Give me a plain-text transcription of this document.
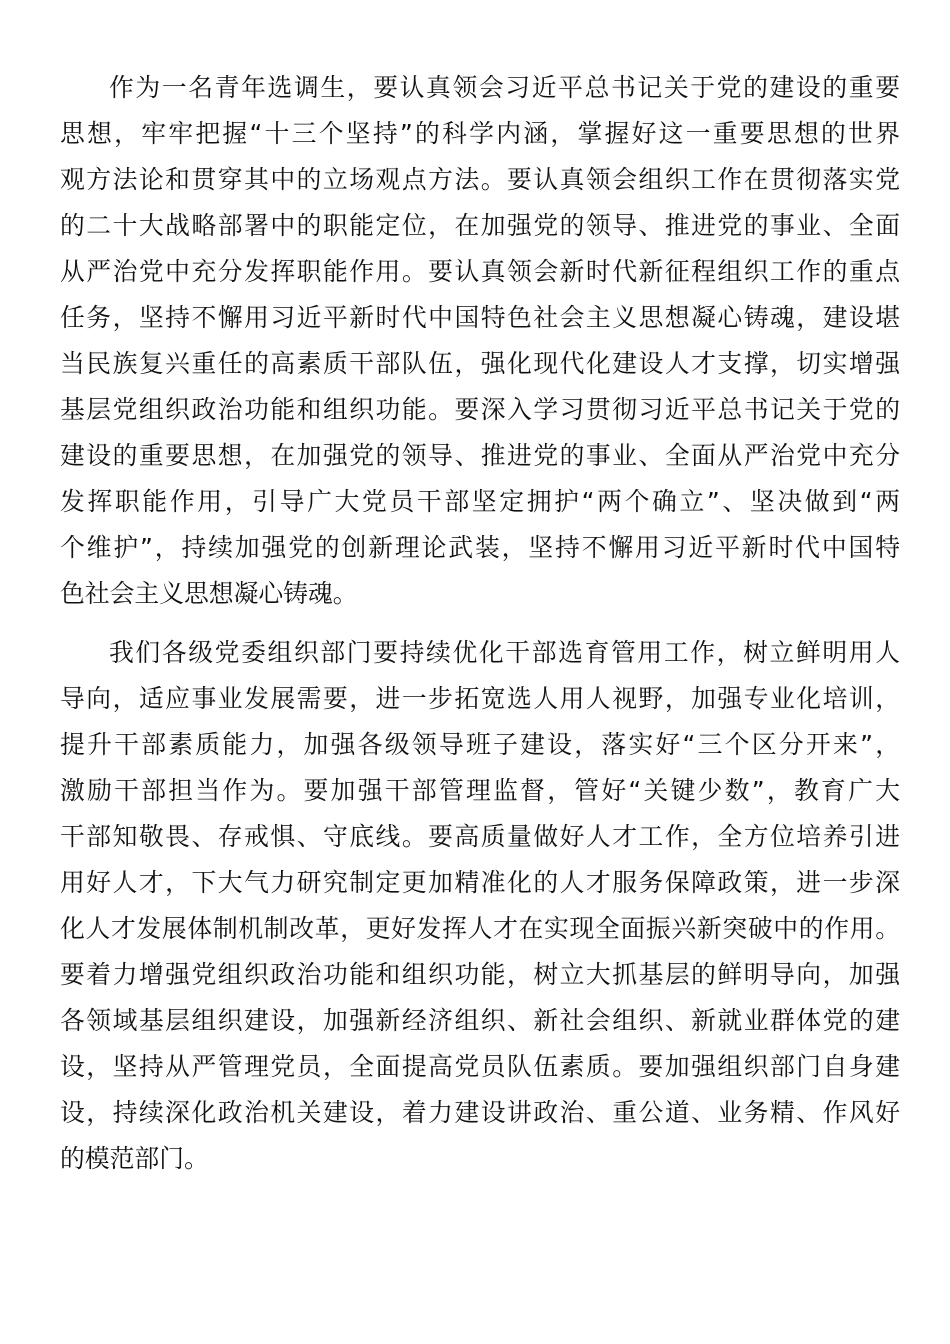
作为一名青年选调生，要认真领会习近平总书记关于党的建设的重要

思想，牢牢把握“十三个坚持”的科学内涵，掌握好这一重要思想的世界

观方法论和贯穿其中的立场观点方法。要认真领会组织工作在贯彻落实党

的二十大战略部署中的职能定位，在加强党的领导、推进党的事业、全面

从严治党中充分发挥职能作用。要认真领会新时代新征程组织工作的重点

任务，坚持不懈用习近平新时代中国特色社会主义思想凝心铸魂，建设堪

当民族复兴重任的高素质干部队伍，强化现代化建设人才支撑，切实增强

基层党组织政治功能和组织功能。要深入学习贯彻习近平总书记关于党的

建设的重要思想，在加强党的领导、推进党的事业、全面从严治党中充分

发挥职能作用，引导广大党员干部坚定拥护“两个确立”、坚决做到“两

个维护”，持续加强党的创新理论武装，坚持不懈用习近平新时代中国特

色社会主义思想凝心铸魂。

我们各级党委组织部门要持续优化干部选育管用工作，树立鲜明用人

导向，适应事业发展需要，进一步拓宽选人用人视野，加强专业化培训，

提升干部素质能力，加强各级领导班子建设，落实好“三个区分开来”，

激励干部担当作为。要加强干部管理监督，管好“关键少数”，教育广大

干部知敬畏、存戒惧、守底线。要高质量做好人才工作，全方位培养引进

用好人才，下大气力研究制定更加精准化的人才服务保障政策，进一步深

化人才发展体制机制改革，更好发挥人才在实现全面振兴新突破中的作用。

要着力增强党组织政治功能和组织功能，树立大抓基层的鲜明导向，加强

各领域基层组织建设，加强新经济组织、新社会组织、新就业群体党的建

设，坚持从严管理党员，全面提高党员队伍素质。要加强组织部门自身建

设，持续深化政治机关建设，着力建设讲政治、重公道、业务精、作风好

的模范部门。
